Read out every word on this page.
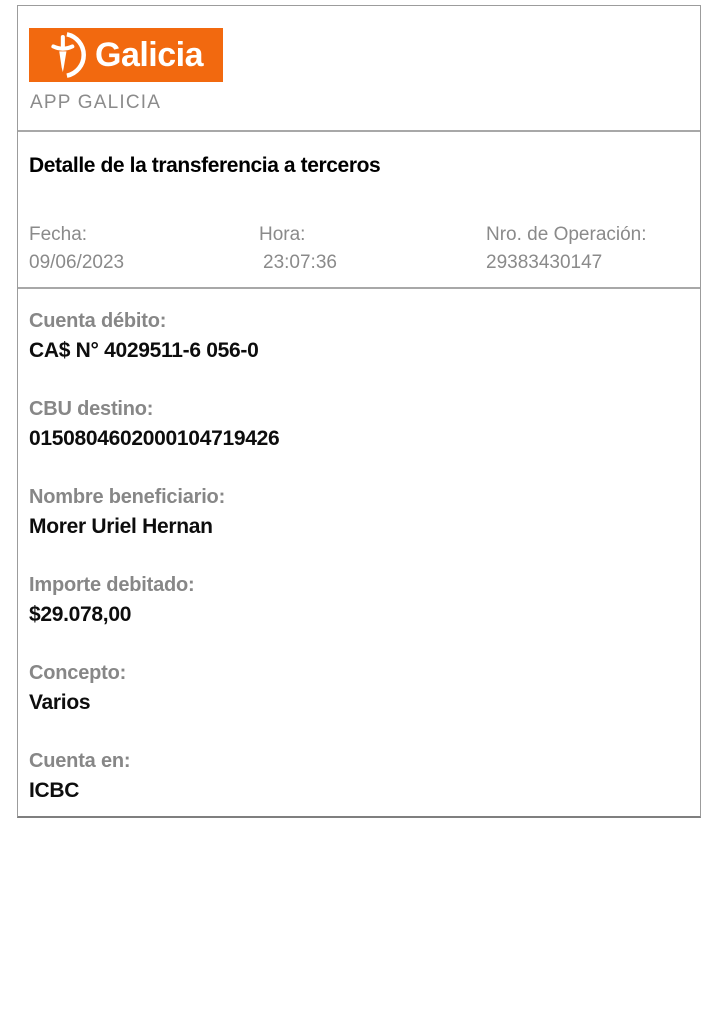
Galicia
APP GALICIA
Detalle de la transferencia a terceros
Fecha:
09/06/2023
Hora:
23:07:36
Nro. de Operación:
29383430147
Cuenta débito:
CA$ N° 4029511-6 056-0
CBU destino:
0150804602000104719426
Nombre beneficiario:
Morer Uriel Hernan
Importe debitado:
$29.078,00
Concepto:
Varios
Cuenta en:
ICBC
